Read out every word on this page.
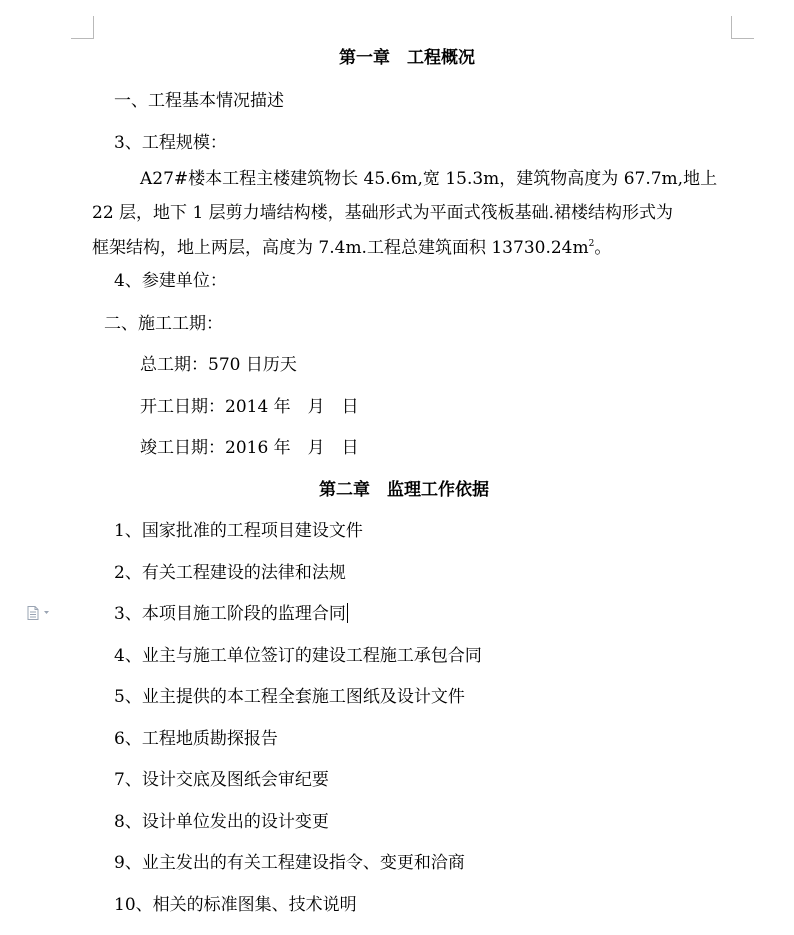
第一章　工程概况
一、工程基本情况描述
3、工程规模：
A27#楼本工程主楼建筑物长 45.6m,宽 15.3m，建筑物高度为 67.7m,地上
22 层，地下 1 层剪力墙结构楼，基础形式为平面式筏板基础.裙楼结构形式为
框架结构，地上两层，高度为 7.4m.工程总建筑面积 $13730.24m^2$。
4、参建单位：
二、施工工期：
总工期：570 日历天
开工日期：2014 年　月　日
竣工日期：2016 年　月　日
第二章　监理工作依据
1、国家批准的工程项目建设文件
2、有关工程建设的法律和法规
3、本项目施工阶段的监理合同
4、业主与施工单位签订的建设工程施工承包合同
5、业主提供的本工程全套施工图纸及设计文件
6、工程地质勘探报告
7、设计交底及图纸会审纪要
8、设计单位发出的设计变更
9、业主发出的有关工程建设指令、变更和洽商
10、相关的标准图集、技术说明
